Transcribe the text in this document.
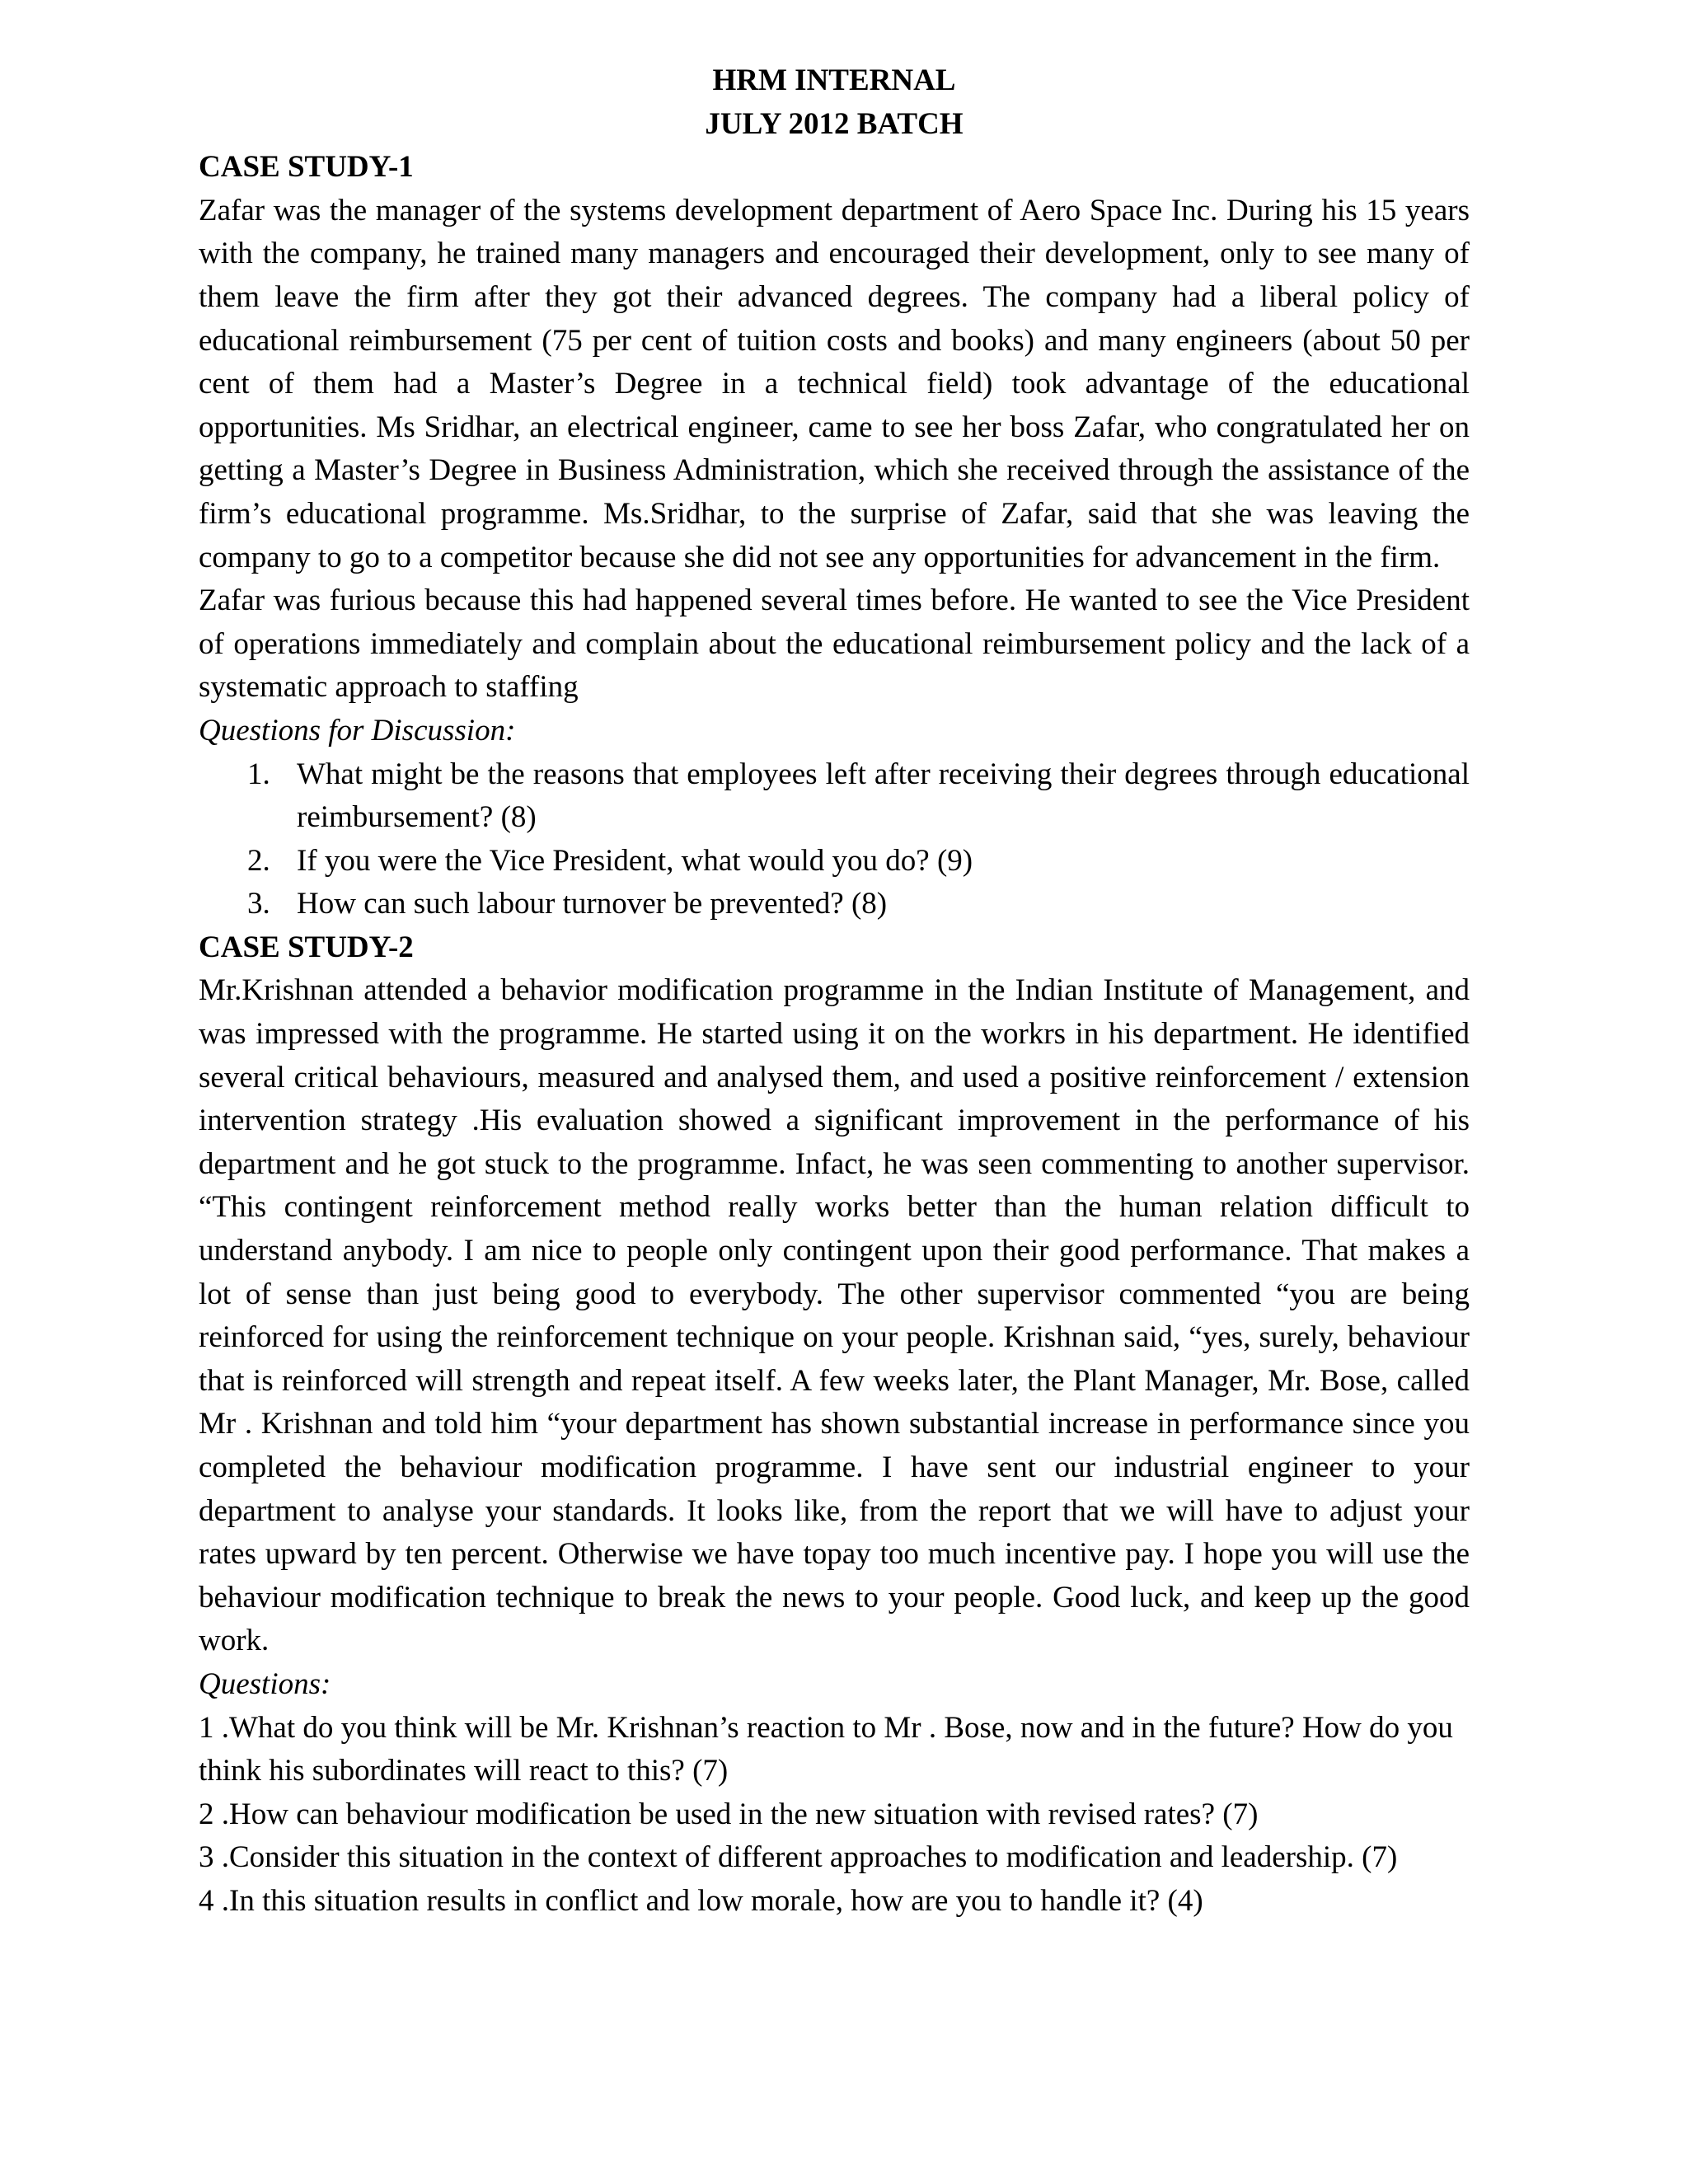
HRM INTERNAL

JULY 2012 BATCH

CASE STUDY-1

Zafar was the manager of the systems development department of Aero Space Inc. During his 15 years with the company, he trained many managers and encouraged their development, only to see many of them leave the firm after they got their advanced degrees. The company had a liberal policy of educational reimbursement (75 per cent of tuition costs and books) and many engineers (about 50 per cent of them had a Master’s Degree in a technical field) took advantage of the educational opportunities. Ms Sridhar, an electrical engineer, came to see her boss Zafar, who congratulated her on getting a Master’s Degree in Business Administration, which she received through the assistance of the firm’s educational programme. Ms.Sridhar, to the surprise of Zafar, said that she was leaving the company to go to a competitor because she did not see any opportunities for advancement in the firm.

Zafar was furious because this had happened several times before. He wanted to see the Vice President of operations immediately and complain about the educational reimbursement policy and the lack of a systematic approach to staffing

Questions for Discussion:

1. What might be the reasons that employees left after receiving their degrees through educational reimbursement? (8)
2. If you were the Vice President, what would you do? (9)
3. How can such labour turnover be prevented? (8)

CASE STUDY-2

Mr.Krishnan attended a behavior modification programme in the Indian Institute of Management, and was impressed with the programme. He started using it on the workrs in his department. He identified several critical behaviours, measured and analysed them, and used a positive reinforcement / extension intervention strategy .His evaluation showed a significant improvement in the performance of his department and he got stuck to the programme. Infact, he was seen commenting to another supervisor. “This contingent reinforcement method really works better than the human relation difficult to understand anybody. I am nice to people only contingent upon their good performance. That makes a lot of sense than just being good to everybody. The other supervisor commented “you are being reinforced for using the reinforcement technique on your people. Krishnan said, “yes, surely, behaviour that is reinforced will strength and repeat itself. A few weeks later, the Plant Manager, Mr. Bose, called Mr . Krishnan and told him “your department has shown substantial increase in performance since you completed the behaviour modification programme. I have sent our industrial engineer to your department to analyse your standards. It looks like, from the report that we will have to adjust your rates upward by ten percent. Otherwise we have topay too much incentive pay. I hope you will use the behaviour modification technique to break the news to your people. Good luck, and keep up the good work.

Questions:

1 .What do you think will be Mr. Krishnan’s reaction to Mr . Bose, now and in the future? How do you think his subordinates will react to this? (7)

2 .How can behaviour modification be used in the new situation with revised rates? (7)

3 .Consider this situation in the context of different approaches to modification and leadership. (7)

4 .In this situation results in conflict and low morale, how are you to handle it? (4)
